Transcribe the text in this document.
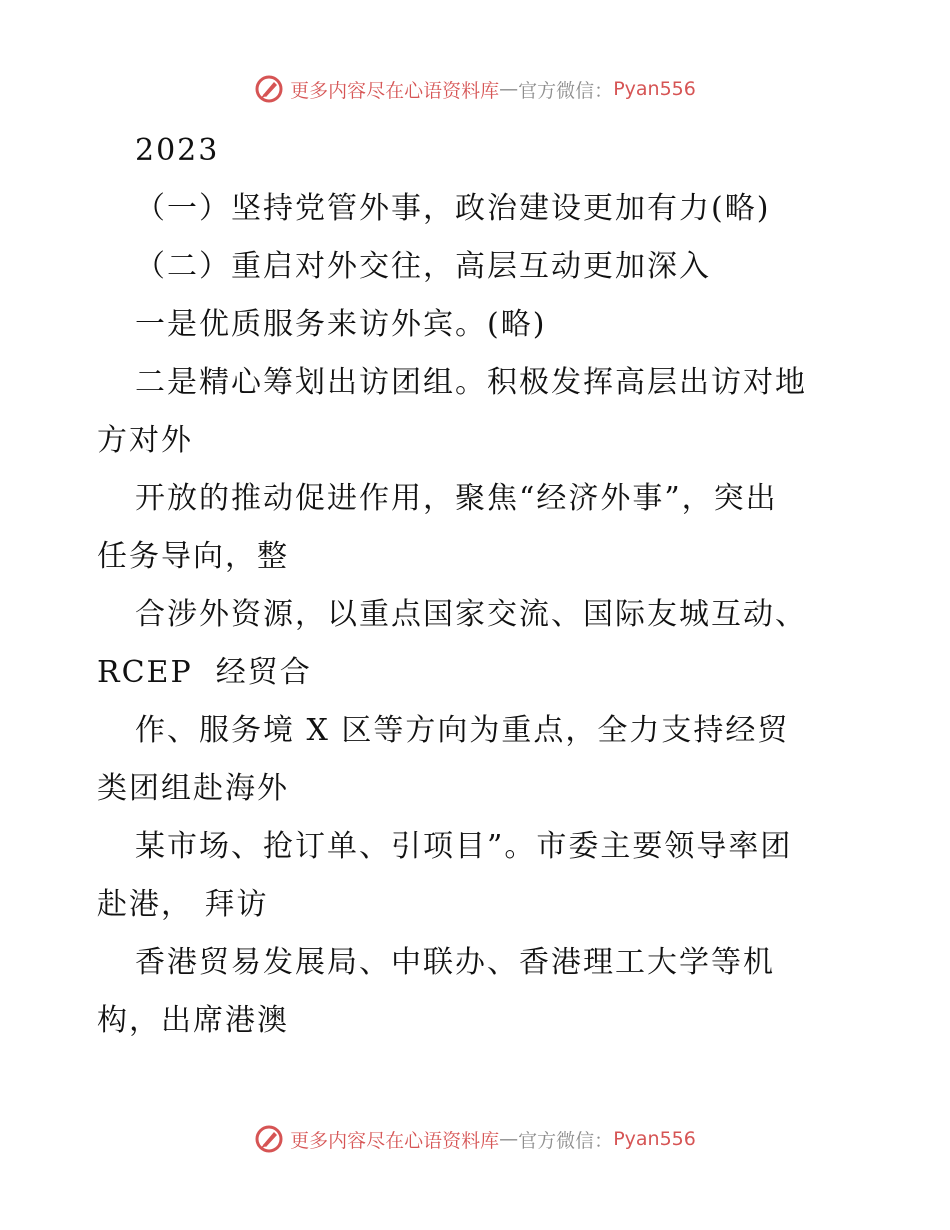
更多内容尽在心语资料库 — 官方微信： Pyan556
2023
（一）坚持党管外事，政治建设更加有力(略)
（二）重启对外交往，高层互动更加深入
一是优质服务来访外宾。(略)
二是精心筹划出访团组。积极发挥高层出访对地
方对外
开放的推动促进作用，聚焦“经济外事”，突出
任务导向，整
合涉外资源，以重点国家交流、国际友城互动、
RCEP  经贸合
作、服务境 X 区等方向为重点，全力支持经贸
类团组赴海外
某市场、抢订单、引项目”。市委主要领导率团
赴港， 拜访
香港贸易发展局、中联办、香港理工大学等机
构，出席港澳
更多内容尽在心语资料库 — 官方微信： Pyan556
